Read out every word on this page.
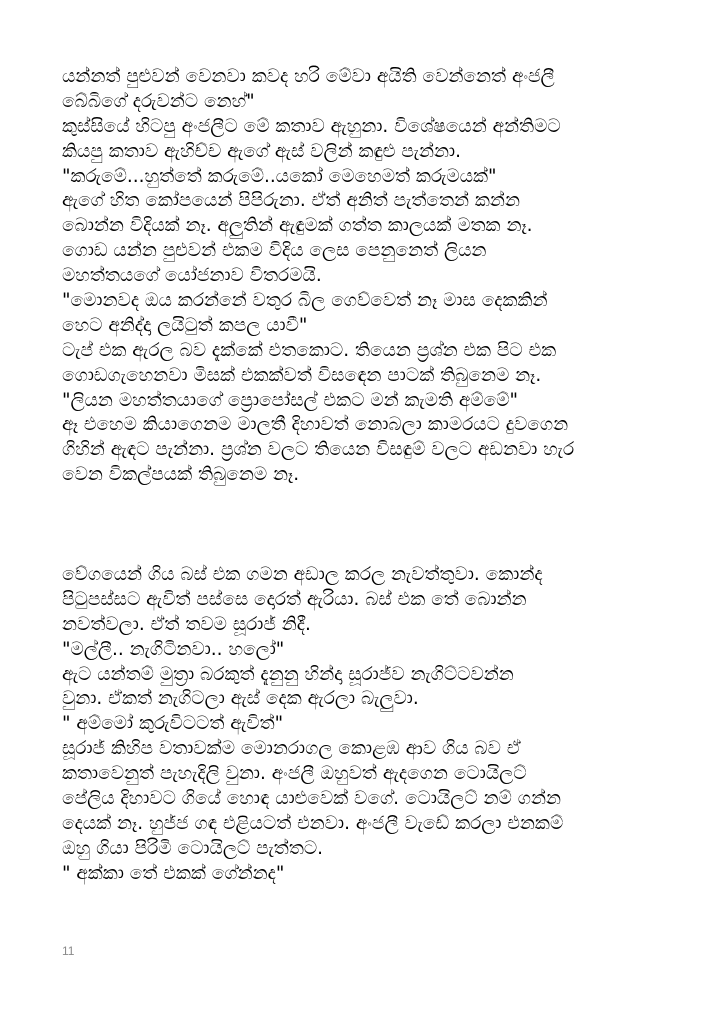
යන්නත් පුළුවන් වෙනවා කවද හරි මේවා අයිති වෙන්නෙත් අංජලී
බේබිගේ දරුවන්ට නෙහ්"
කුස්සියේ හිටපු අංජලීට මේ කතාව ඇහුනා. විශේෂයෙන් අන්තිමට
කියපු කතාව ඇහිච්ච ඇගේ ඇස් වලින් කඳුළු පැන්නා.
"කරුමේ...හුත්තේ කරුමේ..යකෝ මෙහෙමත් කරුමයක්"
ඇගේ හිත කෝපයෙන් පිපිරුනා. ඒත් අනිත් පැත්තෙන් කන්න
බොන්න විදියක් නෑ. අලුතින් ඇඳුමක් ගත්ත කාලයක් මතක නෑ.
ගොඩ යන්න පුළුවන් එකම විදිය ලෙස පෙනුනෙත් ලියන
මහත්තයගේ යෝජනාව විතරමයි.
"මොනවද ඔය කරන්නේ වතුර බිල ගෙව්වෙත් නෑ මාස දෙකකින්
හෙට අනිද්දා ලයිටුත් කපල යාවී"
ටැප් එක ඇරල බව දැක්කේ එතකොට. තියෙන ප්‍රශ්න එක පිට එක
ගොඩගැහෙනවා මිසක් එකක්වත් විසඳෙන පාටක් තිබුනෙම නෑ.
"ලියන මහත්තයාගේ ප්‍රොපෝසල් එකට මන් කැමති අම්මේ"
ඈ එහෙම කියාගෙනම මාලතී දිහාවත් නොබලා කාමරයට දුවගෙන
ගිහින් ඇඳට පැන්නා. ප්‍රශ්න වලට තියෙන විසඳුම් වලට අඩනවා හැර
වෙන විකල්පයක් තිබුනෙම නෑ.
වේගයෙන් ගිය බස් එක ගමන අඩාල කරල නැවත්තුවා. කොන්ද
පිටුපස්සට ඇවිත් පස්සෙ දොරත් ඇරියා. බස් එක තේ බොන්න
නවත්වලා. ඒත් තවම සූරාජ් නිදී.
"මල්ලී.. නැගිටිනවා.. හලෝ"
ඇට යන්තම් මුත්‍රා බරකුත් දැනුනු හින්දා සූරාජ්ව නැගිට්ටවන්න
වුනා. ඒකත් නැගිටලා ඇස් දෙක ඇරලා බැලුවා.
" අම්මෝ කුරුවිටටත් ඇවිත්"
සූරාජ් කිහිප වතාවක්ම මොනරාගල කොළඹ ආව ගිය බව ඒ
කතාවෙනුත් පැහැදිලි වුනා. අංජලී ඔහුවත් ඇදගෙන ටොයිලට්
පේලිය දිහාවට ගියේ හොඳ යාළුවෙක් වගේ. ටොයිලට් නම් ගන්න
දෙයක් නෑ. හුජ්ජ ගඳ එළියටත් එනවා. අංජලී වැඩේ කරලා එනකම්
ඔහු ගියා පිරිමි ටොයිලට් පැත්තට.
" අක්කා තේ එකක් ගේන්නද"
11
